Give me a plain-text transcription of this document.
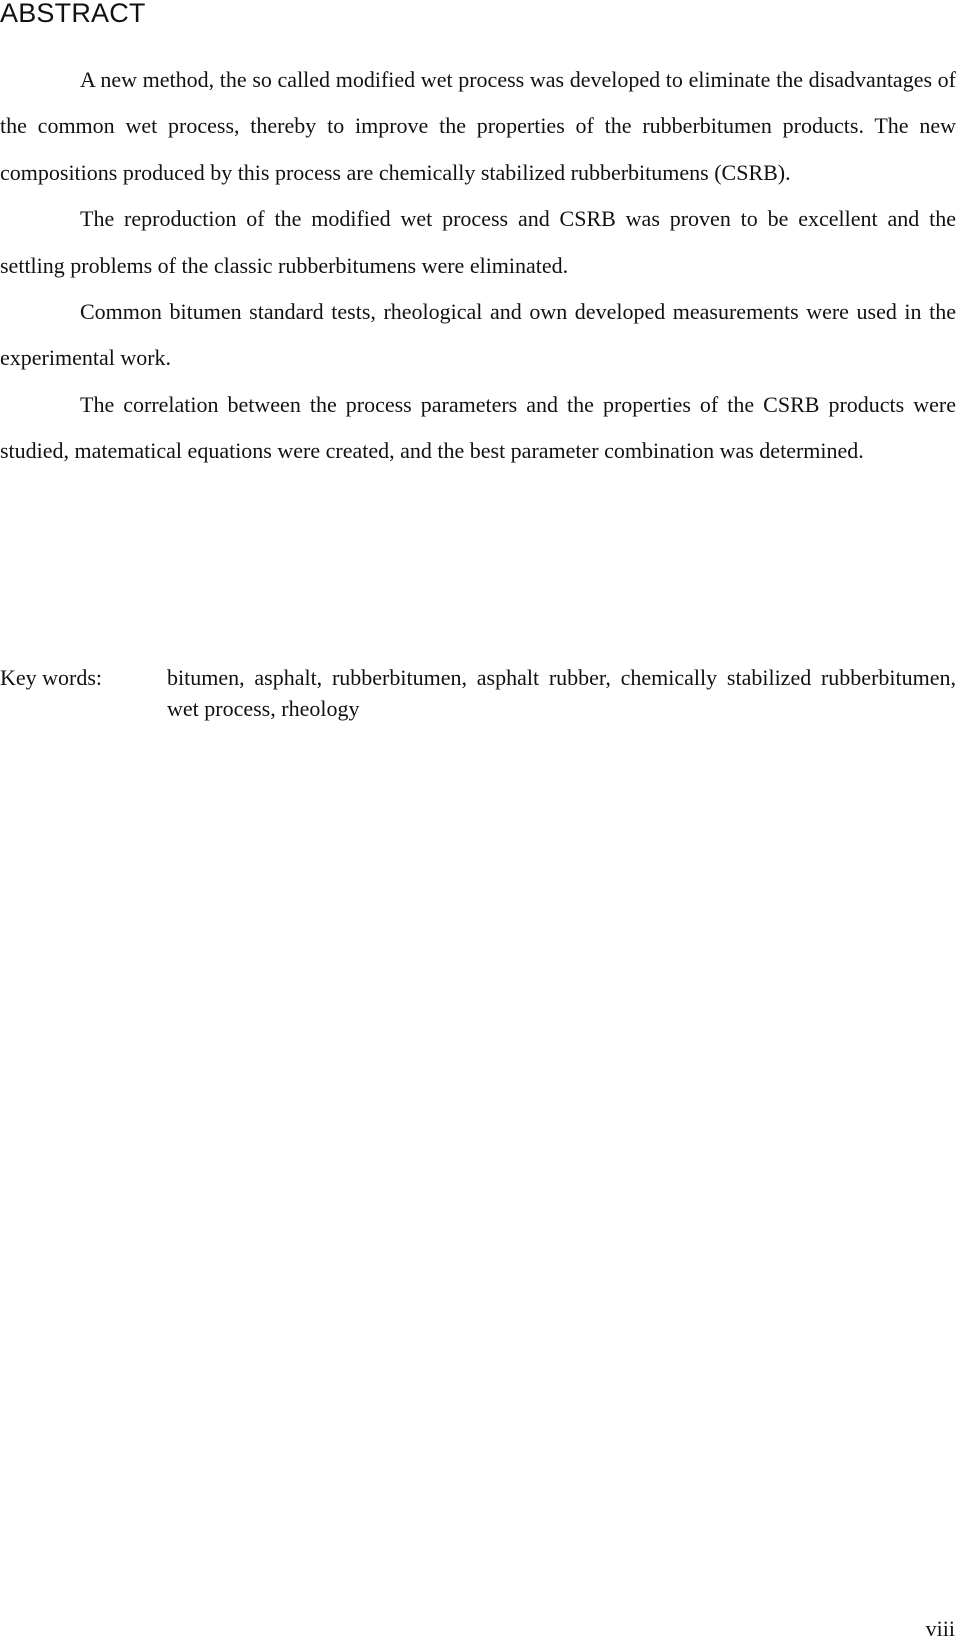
ABSTRACT

A new method, the so called modified wet process was developed to eliminate the disadvantages of the common wet process, thereby to improve the properties of the rubberbitumen products. The new compositions produced by this process are chemically stabilized rubberbitumens (CSRB).

The reproduction of the modified wet process and CSRB was proven to be excellent and the settling problems of the classic rubberbitumens were eliminated.

Common bitumen standard tests, rheological and own developed measurements were used in the experimental work.

The correlation between the process parameters and the properties of the CSRB products were studied, matematical equations were created, and the best parameter combination was determined.

Key words:	bitumen, asphalt, rubberbitumen, asphalt rubber, chemically stabilized rubberbitumen, wet process, rheology
viii
